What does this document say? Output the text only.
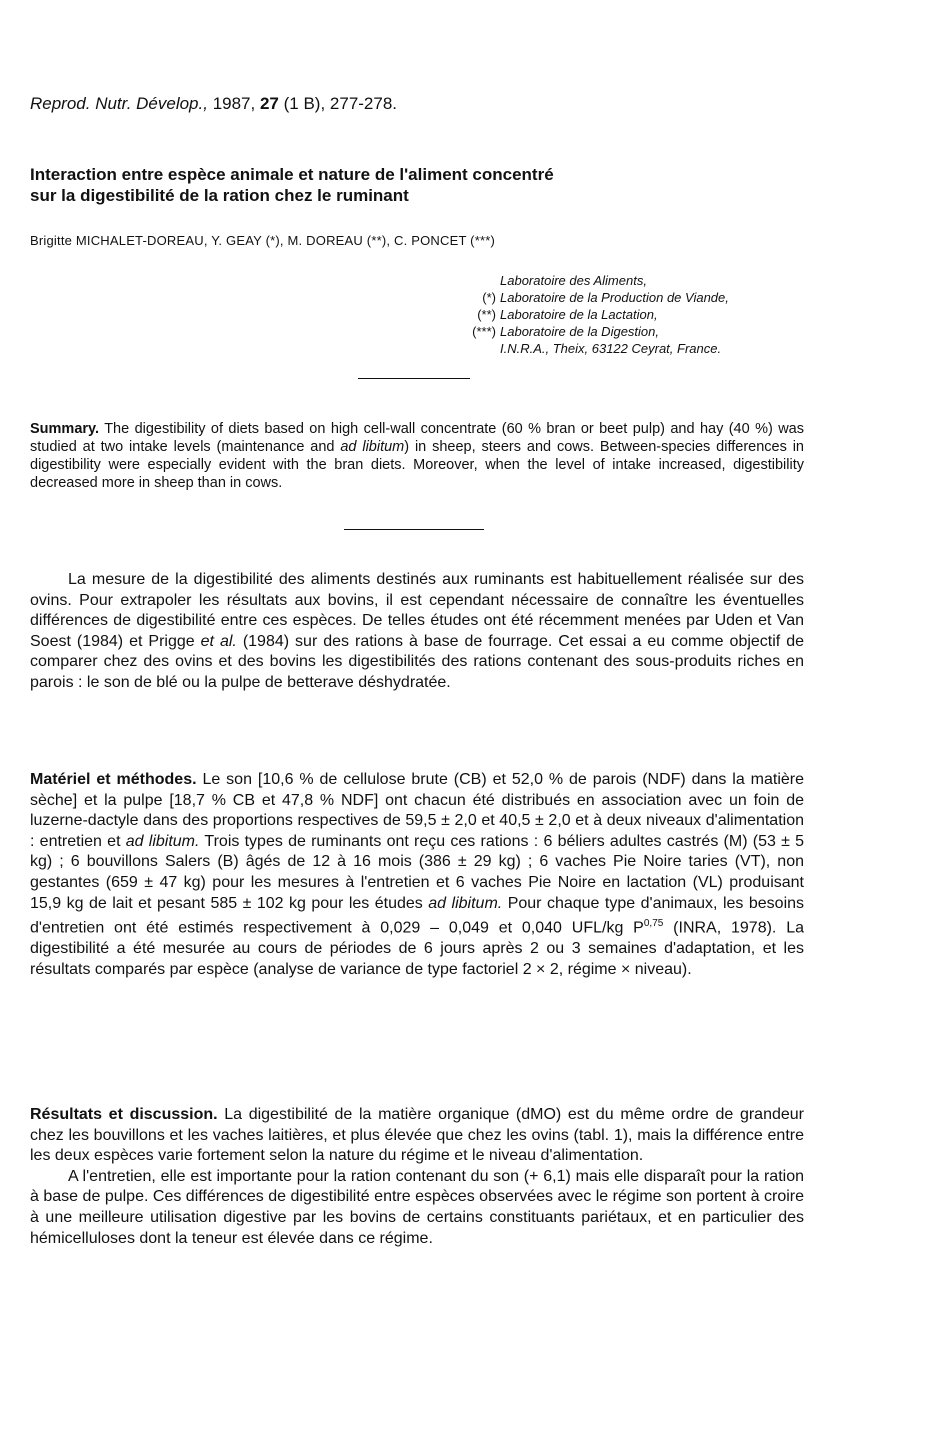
Reprod. Nutr. Dévelop., 1987, 27 (1 B), 277-278.
Interaction entre espèce animale et nature de l'aliment concentré
sur la digestibilité de la ration chez le ruminant
Brigitte MICHALET-DOREAU, Y. GEAY (*), M. DOREAU (**), C. PONCET (***)
Laboratoire des Aliments,
(*) Laboratoire de la Production de Viande,
(**) Laboratoire de la Lactation,
(***) Laboratoire de la Digestion,
I.N.R.A., Theix, 63122 Ceyrat, France.
Summary. The digestibility of diets based on high cell-wall concentrate (60 % bran or beet pulp) and hay (40 %) was studied at two intake levels (maintenance and ad libitum) in sheep, steers and cows. Between-species differences in digestibility were especially evident with the bran diets. Moreover, when the level of intake increased, digestibility decreased more in sheep than in cows.

La mesure de la digestibilité des aliments destinés aux ruminants est habituellement réalisée sur des ovins. Pour extrapoler les résultats aux bovins, il est cependant nécessaire de connaître les éventuelles différences de digestibilité entre ces espèces. De telles études ont été récemment menées par Uden et Van Soest (1984) et Prigge et al. (1984) sur des rations à base de fourrage. Cet essai a eu comme objectif de comparer chez des ovins et des bovins les digestibilités des rations contenant des sous-produits riches en parois : le son de blé ou la pulpe de betterave déshydratée.

Matériel et méthodes. Le son [10,6 % de cellulose brute (CB) et 52,0 % de parois (NDF) dans la matière sèche] et la pulpe [18,7 % CB et 47,8 % NDF] ont chacun été distribués en association avec un foin de luzerne-dactyle dans des proportions respectives de 59,5 ± 2,0 et 40,5 ± 2,0 et à deux niveaux d'alimentation : entretien et ad libitum. Trois types de ruminants ont reçu ces rations : 6 béliers adultes castrés (M) (53 ± 5 kg) ; 6 bouvillons Salers (B) âgés de 12 à 16 mois (386 ± 29 kg) ; 6 vaches Pie Noire taries (VT), non gestantes (659 ± 47 kg) pour les mesures à l'entretien et 6 vaches Pie Noire en lactation (VL) produisant 15,9 kg de lait et pesant 585 ± 102 kg pour les études ad libitum. Pour chaque type d'animaux, les besoins d'entretien ont été estimés respectivement à 0,029 – 0,049 et 0,040 UFL/kg P$^{0,75}$ (INRA, 1978). La digestibilité a été mesurée au cours de périodes de 6 jours après 2 ou 3 semaines d'adaptation, et les résultats comparés par espèce (analyse de variance de type factoriel 2 × 2, régime × niveau).

Résultats et discussion. La digestibilité de la matière organique (dMO) est du même ordre de grandeur chez les bouvillons et les vaches laitières, et plus élevée que chez les ovins (tabl. 1), mais la différence entre les deux espèces varie fortement selon la nature du régime et le niveau d'alimentation.

A l'entretien, elle est importante pour la ration contenant du son (+ 6,1) mais elle disparaît pour la ration à base de pulpe. Ces différences de digestibilité entre espèces observées avec le régime son portent à croire à une meilleure utilisation digestive par les bovins de certains constituants pariétaux, et en particulier des hémicelluloses dont la teneur est élevée dans ce régime.
